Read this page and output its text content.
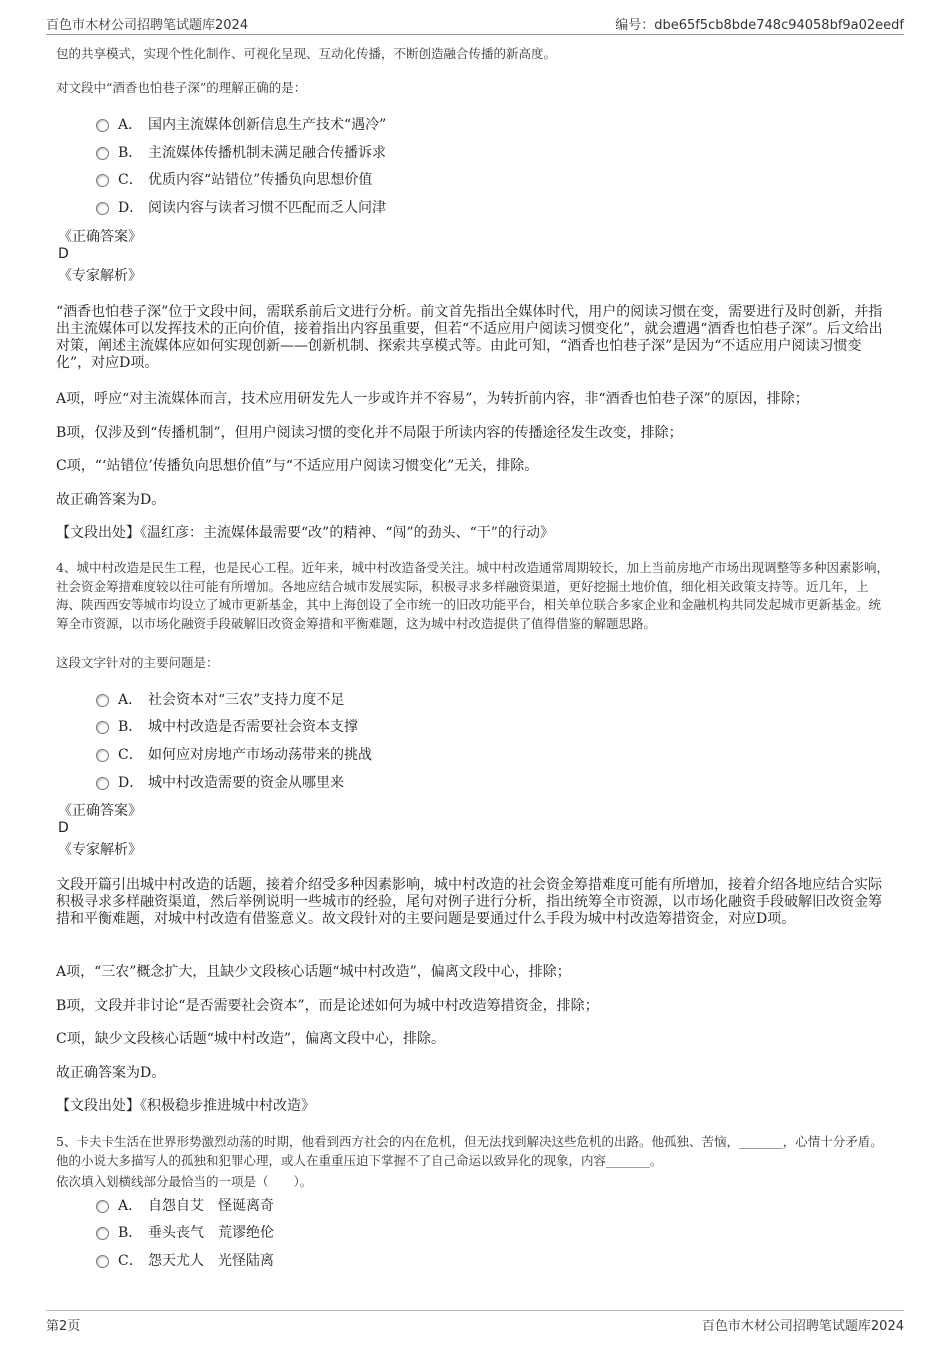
百色市木材公司招聘笔试题库2024	编号：dbe65f5cb8bde748c94058bf9a02eedf
包的共享模式，实现个性化制作、可视化呈现、互动化传播，不断创造融合传播的新高度。
对文段中“酒香也怕巷子深”的理解正确的是：
A． 国内主流媒体创新信息生产技术“遇冷”
B． 主流媒体传播机制未满足融合传播诉求
C． 优质内容“站错位”传播负向思想价值
D． 阅读内容与读者习惯不匹配而乏人问津
《正确答案》
D
《专家解析》
“酒香也怕巷子深”位于文段中间，需联系前后文进行分析。前文首先指出全媒体时代，用户的阅读习惯在变，需要进行及时创新，并指出主流媒体可以发挥技术的正向价值，接着指出内容虽重要，但若“不适应用户阅读习惯变化”，就会遭遇“酒香也怕巷子深”。后文给出对策，阐述主流媒体应如何实现创新——创新机制、探索共享模式等。由此可知，“酒香也怕巷子深”是因为“不适应用户阅读习惯变化”，对应D项。
A项，呼应“对主流媒体而言，技术应用研发先人一步或许并不容易”，为转折前内容，非“酒香也怕巷子深”的原因，排除；
B项，仅涉及到“传播机制”，但用户阅读习惯的变化并不局限于所读内容的传播途径发生改变，排除；
C项，“‘站错位’传播负向思想价值”与“不适应用户阅读习惯变化”无关，排除。
故正确答案为D。
【文段出处】《温红彦：主流媒体最需要“改”的精神、“闯”的劲头、“干”的行动》
4、城中村改造是民生工程，也是民心工程。近年来，城中村改造备受关注。城中村改造通常周期较长，加上当前房地产市场出现调整等多种因素影响，社会资金筹措难度较以往可能有所增加。各地应结合城市发展实际，积极寻求多样融资渠道，更好挖掘土地价值，细化相关政策支持等。近几年，上海、陕西西安等城市均设立了城市更新基金，其中上海创设了全市统一的旧改功能平台，相关单位联合多家企业和金融机构共同发起城市更新基金。统筹全市资源，以市场化融资手段破解旧改资金筹措和平衡难题，这为城中村改造提供了值得借鉴的解题思路。
这段文字针对的主要问题是：
A． 社会资本对“三农”支持力度不足
B． 城中村改造是否需要社会资本支撑
C． 如何应对房地产市场动荡带来的挑战
D． 城中村改造需要的资金从哪里来
《正确答案》
D
《专家解析》
文段开篇引出城中村改造的话题，接着介绍受多种因素影响，城中村改造的社会资金筹措难度可能有所增加，接着介绍各地应结合实际积极寻求多样融资渠道，然后举例说明一些城市的经验，尾句对例子进行分析，指出统筹全市资源，以市场化融资手段破解旧改资金筹措和平衡难题，对城中村改造有借鉴意义。故文段针对的主要问题是要通过什么手段为城中村改造筹措资金，对应D项。
A项，“三农”概念扩大，且缺少文段核心话题“城中村改造”，偏离文段中心，排除；
B项，文段并非讨论“是否需要社会资本”，而是论述如何为城中村改造筹措资金，排除；
C项，缺少文段核心话题“城中村改造”，偏离文段中心，排除。
故正确答案为D。
【文段出处】《积极稳步推进城中村改造》
5、卡夫卡生活在世界形势激烈动荡的时期，他看到西方社会的内在危机，但无法找到解决这些危机的出路。他孤独、苦恼，_______，心情十分矛盾。他的小说大多描写人的孤独和犯罪心理，或人在重重压迫下掌握不了自己命运以致异化的现象，内容_______。
依次填入划横线部分最恰当的一项是（　　）。
A． 自怨自艾　怪诞离奇
B． 垂头丧气　荒谬绝伦
C． 怨天尤人　光怪陆离
第2页	百色市木材公司招聘笔试题库2024
